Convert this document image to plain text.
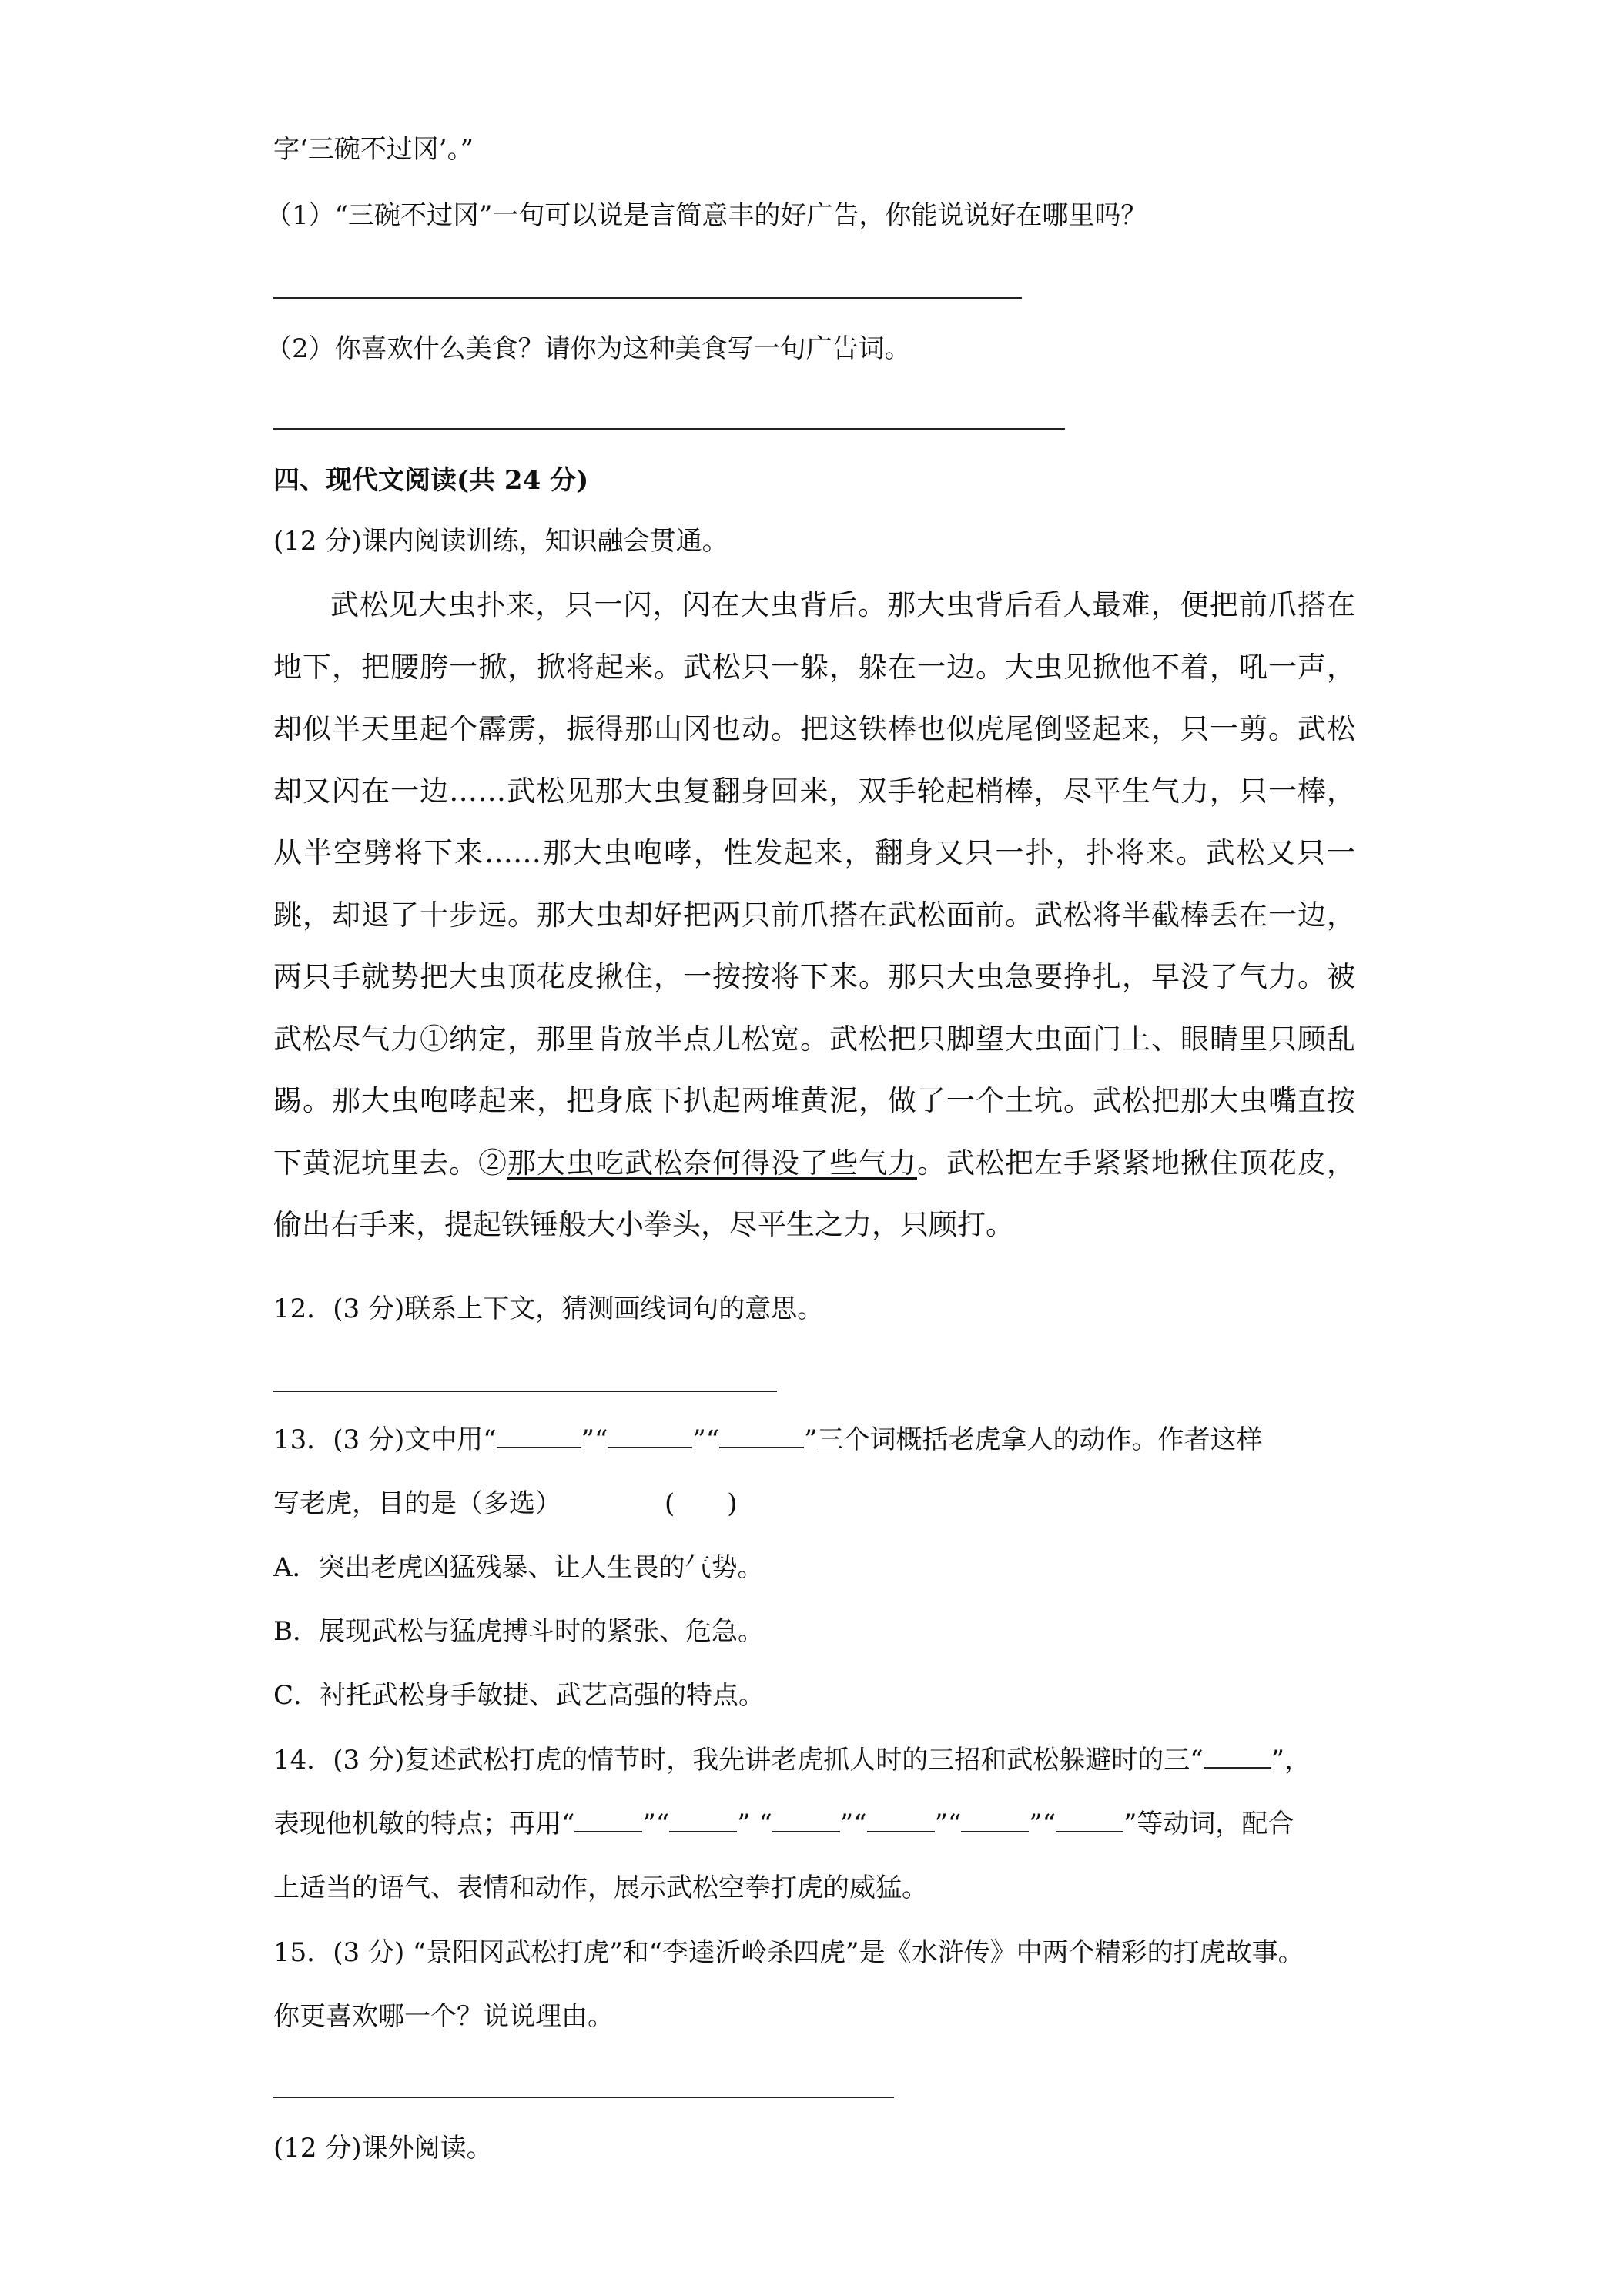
字‘三碗不过冈’。”
（1）“三碗不过冈”一句可以说是言简意丰的好广告，你能说说好在哪里吗？
（2）你喜欢什么美食？请你为这种美食写一句广告词。
四、现代文阅读(共 24 分)
(12 分)课内阅读训练，知识融会贯通。

武松见大虫扑来，只一闪，闪在大虫背后。那大虫背后看人最难，便把前爪搭在地下，把腰胯一掀，掀将起来。武松只一躲，躲在一边。大虫见掀他不着，吼一声，却似半天里起个霹雳，振得那山冈也动。把这铁棒也似虎尾倒竖起来，只一剪。武松却又闪在一边……武松见那大虫复翻身回来，双手轮起梢棒，尽平生气力，只一棒，从半空劈将下来……那大虫咆哮，性发起来，翻身又只一扑，扑将来。武松又只一跳，却退了十步远。那大虫却好把两只前爪搭在武松面前。武松将半截棒丢在一边，两只手就势把大虫顶花皮揪住，一按按将下来。那只大虫急要挣扎，早没了气力。被武松尽气力①纳定，那里肯放半点儿松宽。武松把只脚望大虫面门上、眼睛里只顾乱踢。那大虫咆哮起来，把身底下扒起两堆黄泥，做了一个土坑。武松把那大虫嘴直按下黄泥坑里去。②那大虫吃武松奈何得没了些气力。武松把左手紧紧地揪住顶花皮，偷出右手来，提起铁锤般大小拳头，尽平生之力，只顾打。

12．(3 分)联系上下文，猜测画线词句的意思。
13．(3 分)文中用“	”“	”“	”三个词概括老虎拿人的动作。作者这样
写老虎，目的是（多选）	(　　)
A．突出老虎凶猛残暴、让人生畏的气势。
B．展现武松与猛虎搏斗时的紧张、危急。
C．衬托武松身手敏捷、武艺高强的特点。
14．(3 分)复述武松打虎的情节时，我先讲老虎抓人时的三招和武松躲避时的三“	”，
表现他机敏的特点；再用“	”“	” “	”“	”“	”“	”等动词，配合
上适当的语气、表情和动作，展示武松空拳打虎的威猛。
15．(3 分) “景阳冈武松打虎”和“李逵沂岭杀四虎”是《水浒传》中两个精彩的打虎故事。
你更喜欢哪一个？说说理由。
(12 分)课外阅读。
